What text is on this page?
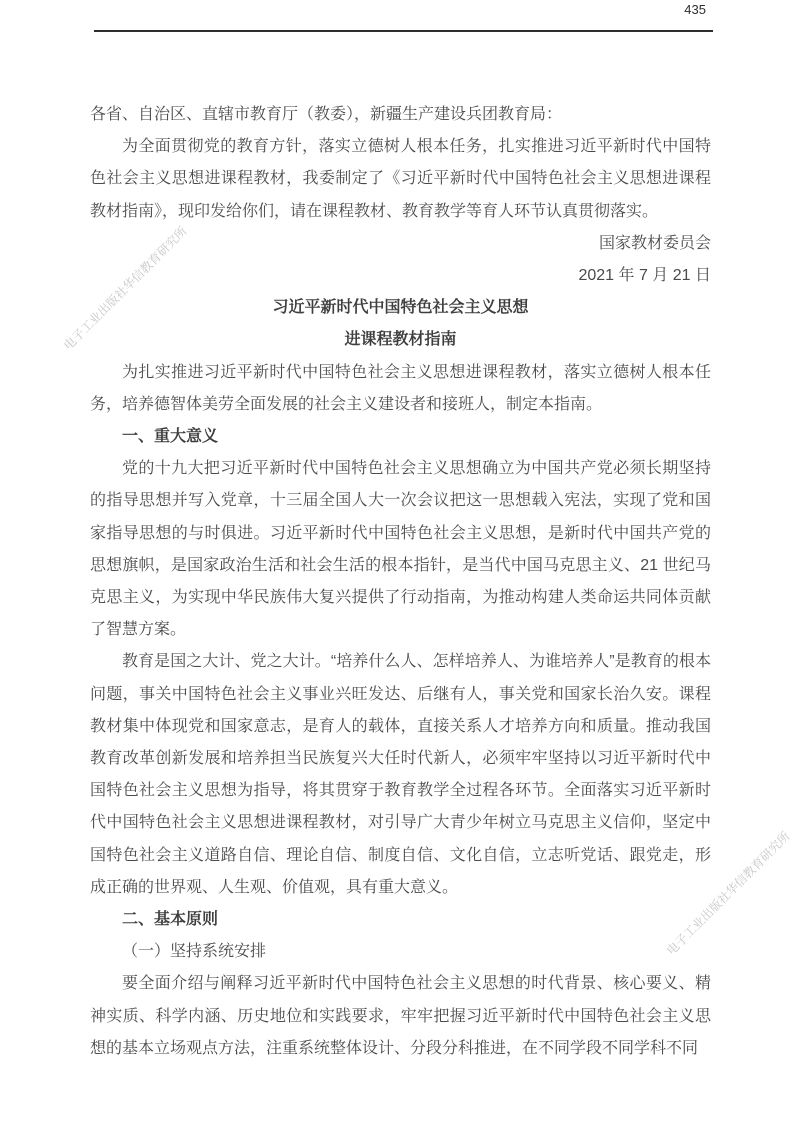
435
电子工业出版社华信教育研究所
电子工业出版社华信教育研究所

各省、自治区、直辖市教育厅（教委），新疆生产建设兵团教育局：

为全面贯彻党的教育方针，落实立德树人根本任务，扎实推进习近平新时代中国特色社会主义思想进课程教材，我委制定了《习近平新时代中国特色社会主义思想进课程教材指南》，现印发给你们，请在课程教材、教育教学等育人环节认真贯彻落实。

国家教材委员会

2021 年 7 月 21 日

习近平新时代中国特色社会主义思想

进课程教材指南

为扎实推进习近平新时代中国特色社会主义思想进课程教材，落实立德树人根本任务，培养德智体美劳全面发展的社会主义建设者和接班人，制定本指南。

一、重大意义

党的十九大把习近平新时代中国特色社会主义思想确立为中国共产党必须长期坚持的指导思想并写入党章，十三届全国人大一次会议把这一思想载入宪法，实现了党和国家指导思想的与时俱进。习近平新时代中国特色社会主义思想，是新时代中国共产党的思想旗帜，是国家政治生活和社会生活的根本指针，是当代中国马克思主义、21 世纪马克思主义，为实现中华民族伟大复兴提供了行动指南，为推动构建人类命运共同体贡献了智慧方案。

教育是国之大计、党之大计。“培养什么人、怎样培养人、为谁培养人”是教育的根本问题，事关中国特色社会主义事业兴旺发达、后继有人，事关党和国家长治久安。课程教材集中体现党和国家意志，是育人的载体，直接关系人才培养方向和质量。推动我国教育改革创新发展和培养担当民族复兴大任时代新人，必须牢牢坚持以习近平新时代中国特色社会主义思想为指导，将其贯穿于教育教学全过程各环节。全面落实习近平新时代中国特色社会主义思想进课程教材，对引导广大青少年树立马克思主义信仰，坚定中国特色社会主义道路自信、理论自信、制度自信、文化自信，立志听党话、跟党走，形成正确的世界观、人生观、价值观，具有重大意义。

二、基本原则

（一）坚持系统安排

要全面介绍与阐释习近平新时代中国特色社会主义思想的时代背景、核心要义、精神实质、科学内涵、历史地位和实践要求，牢牢把握习近平新时代中国特色社会主义思想的基本立场观点方法，注重系统整体设计、分段分科推进，在不同学段不同学科不同
